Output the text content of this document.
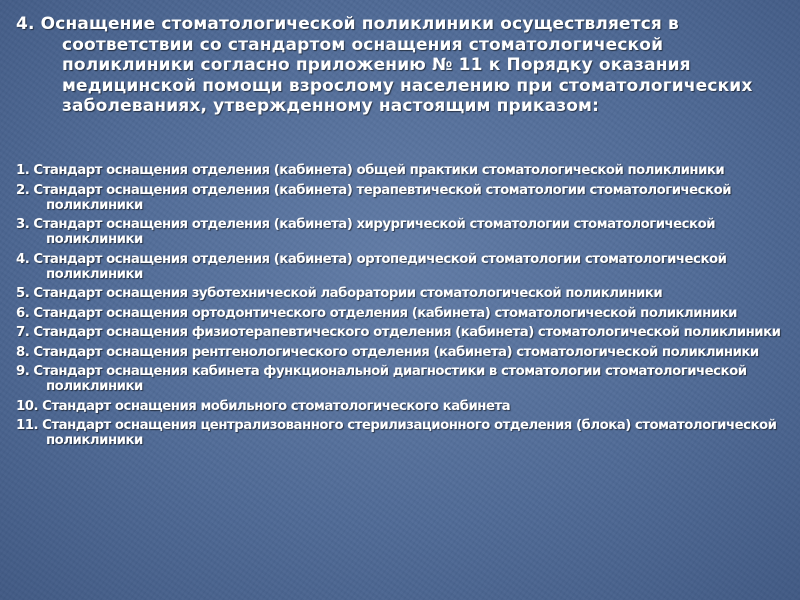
4. Оснащение стоматологической поликлиники осуществляется в соответствии со стандартом оснащения стоматологической поликлиники согласно приложению № 11 к Порядку оказания медицинской помощи взрослому населению при стоматологических заболеваниях, утвержденному настоящим приказом:

1. Стандарт оснащения отделения (кабинета) общей практики стоматологической поликлиники
2. Стандарт оснащения отделения (кабинета) терапевтической стоматологии стоматологической поликлиники
3. Стандарт оснащения отделения (кабинета) хирургической стоматологии стоматологической поликлиники
4. Стандарт оснащения отделения (кабинета) ортопедической стоматологии стоматологической поликлиники
5. Стандарт оснащения зуботехнической лаборатории стоматологической поликлиники
6. Стандарт оснащения ортодонтического отделения (кабинета) стоматологической поликлиники
7. Стандарт оснащения физиотерапевтического отделения (кабинета) стоматологической поликлиники
8. Стандарт оснащения рентгенологического отделения (кабинета) стоматологической поликлиники
9. Стандарт оснащения кабинета функциональной диагностики в стоматологии стоматологической поликлиники
10. Стандарт оснащения мобильного стоматологического кабинета
11. Стандарт оснащения централизованного стерилизационного отделения (блока) стоматологической поликлиники
